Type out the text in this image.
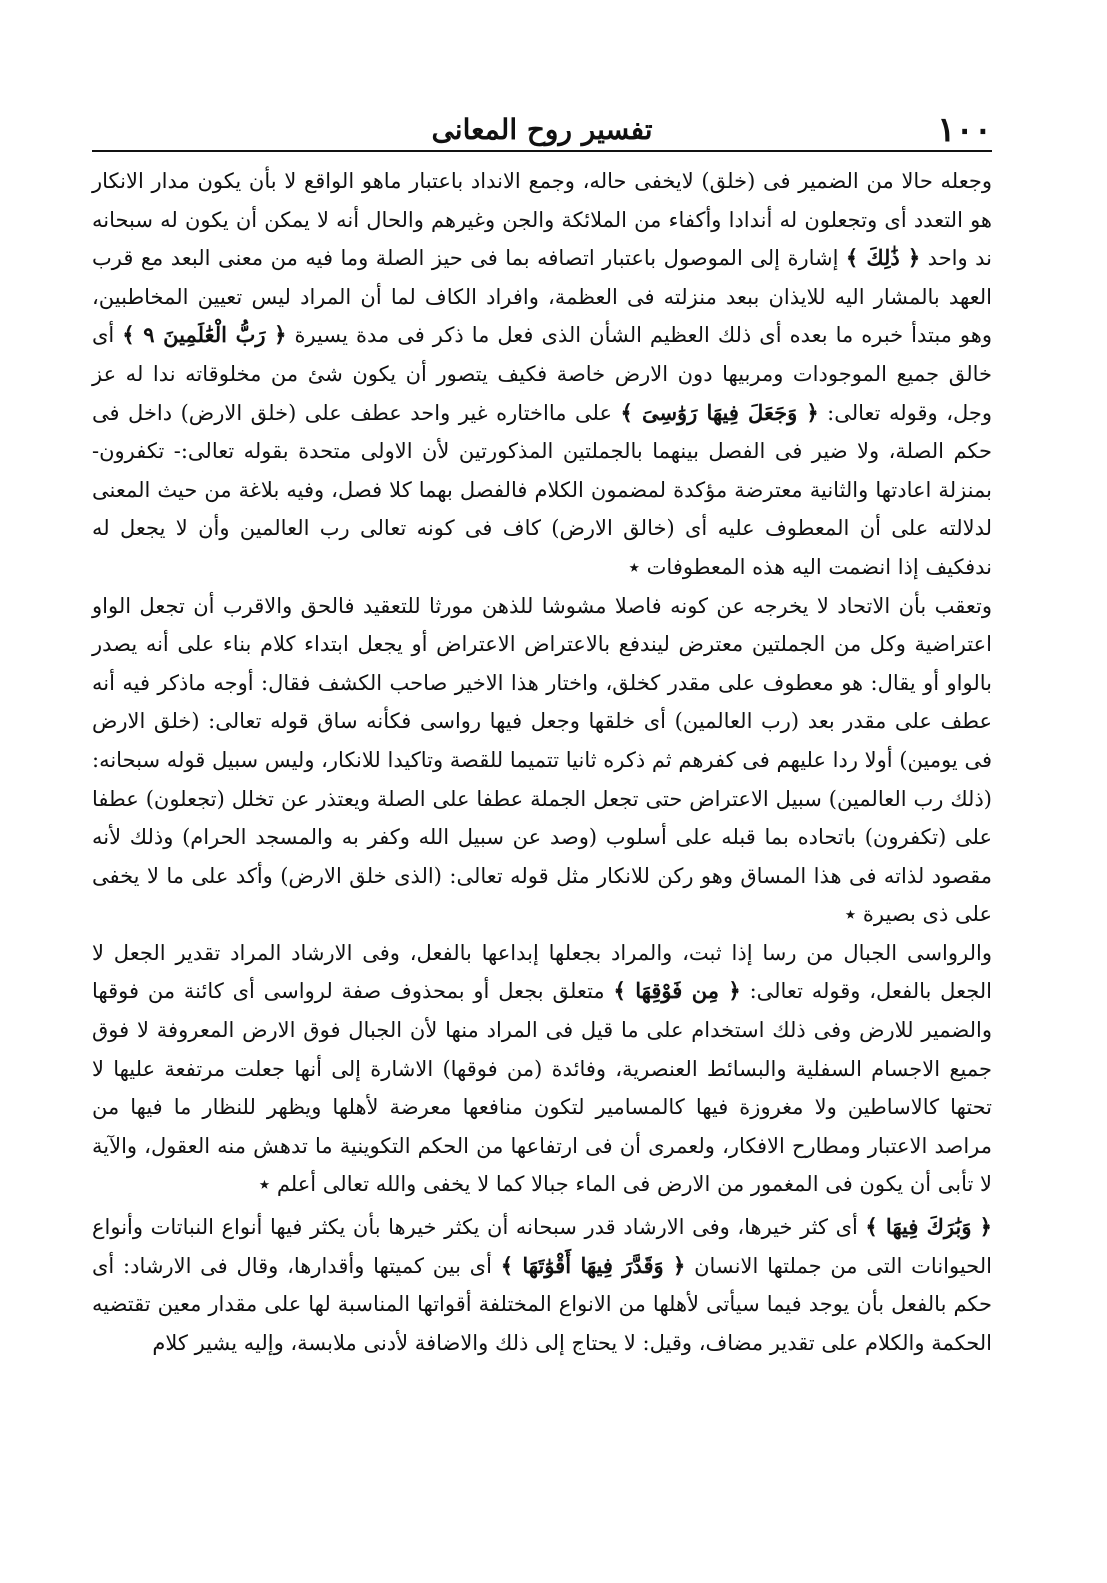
١٠٠
تفسير روح المعانى

وجعله حالا من الضمير فى (خلق) لايخفى حاله، وجمع الانداد باعتبار ماهو الواقع لا بأن يكون مدار الانكار هو التعدد أى وتجعلون له أندادا وأكفاء من الملائكة والجن وغيرهم والحال أنه لا يمكن أن يكون له سبحانه ند واحد ﴿ ذَٰلِكَ ﴾ إشارة إلى الموصول باعتبار اتصافه بما فى حيز الصلة وما فيه من معنى البعد مع قرب العهد بالمشار اليه للايذان ببعد منزلته فى العظمة، وافراد الكاف لما أن المراد ليس تعيين المخاطبين، وهو مبتدأ خبره ما بعده أى ذلك العظيم الشأن الذى فعل ما ذكر فى مدة يسيرة ﴿ رَبُّ الْعَٰلَمِينَ ٩ ﴾ أى خالق جميع الموجودات ومربيها دون الارض خاصة فكيف يتصور أن يكون شئ من مخلوقاته ندا له عز وجل، وقوله تعالى: ﴿ وَجَعَلَ فِيهَا رَوَٰسِىَ ﴾ على مااختاره غير واحد عطف على (خلق الارض) داخل فى حكم الصلة، ولا ضير فى الفصل بينهما بالجملتين المذكورتين لأن الاولى متحدة بقوله تعالى:- تكفرون- بمنزلة اعادتها والثانية معترضة مؤكدة لمضمون الكلام فالفصل بهما كلا فصل، وفيه بلاغة من حيث المعنى لدلالته على أن المعطوف عليه أى (خالق الارض) كاف فى كونه تعالى رب العالمين وأن لا يجعل له ندفكيف إذا انضمت اليه هذه المعطوفات ٭

وتعقب بأن الاتحاد لا يخرجه عن كونه فاصلا مشوشا للذهن مورثا للتعقيد فالحق والاقرب أن تجعل الواو اعتراضية وكل من الجملتين معترض ليندفع بالاعتراض الاعتراض أو يجعل ابتداء كلام بناء على أنه يصدر بالواو أو يقال: هو معطوف على مقدر كخلق، واختار هذا الاخير صاحب الكشف فقال: أوجه ماذكر فيه أنه عطف على مقدر بعد (رب العالمين) أى خلقها وجعل فيها رواسى فكأنه ساق قوله تعالى: (خلق الارض فى يومين) أولا ردا عليهم فى كفرهم ثم ذكره ثانيا تتميما للقصة وتاكيدا للانكار، وليس سبيل قوله سبحانه: (ذلك رب العالمين) سبيل الاعتراض حتى تجعل الجملة عطفا على الصلة ويعتذر عن تخلل (تجعلون) عطفا على (تكفرون) باتحاده بما قبله على أسلوب (وصد عن سبيل الله وكفر به والمسجد الحرام) وذلك لأنه مقصود لذاته فى هذا المساق وهو ركن للانكار مثل قوله تعالى: (الذى خلق الارض) وأكد على ما لا يخفى على ذى بصيرة ٭

والرواسى الجبال من رسا إذا ثبت، والمراد بجعلها إبداعها بالفعل، وفى الارشاد المراد تقدير الجعل لا الجعل بالفعل، وقوله تعالى: ﴿ مِن فَوْقِهَا ﴾ متعلق بجعل أو بمحذوف صفة لرواسى أى كائنة من فوقها والضمير للارض وفى ذلك استخدام على ما قيل فى المراد منها لأن الجبال فوق الارض المعروفة لا فوق جميع الاجسام السفلية والبسائط العنصرية، وفائدة (من فوقها) الاشارة إلى أنها جعلت مرتفعة عليها لا تحتها كالاساطين ولا مغروزة فيها كالمسامير لتكون منافعها معرضة لأهلها ويظهر للنظار ما فيها من مراصد الاعتبار ومطارح الافكار، ولعمرى أن فى ارتفاعها من الحكم التكوينية ما تدهش منه العقول، والآية لا تأبى أن يكون فى المغمور من الارض فى الماء جبالا كما لا يخفى والله تعالى أعلم ٭

﴿ وَبَٰرَكَ فِيهَا ﴾ أى كثر خيرها، وفى الارشاد قدر سبحانه أن يكثر خيرها بأن يكثر فيها أنواع النباتات وأنواع الحيوانات التى من جملتها الانسان ﴿ وَقَدَّرَ فِيهَا أَقْوَٰتَهَا ﴾ أى بين كميتها وأقدارها، وقال فى الارشاد: أى حكم بالفعل بأن يوجد فيما سيأتى لأهلها من الانواع المختلفة أقواتها المناسبة لها على مقدار معين تقتضيه الحكمة والكلام على تقدير مضاف، وقيل: لا يحتاج إلى ذلك والاضافة لأدنى ملابسة، وإليه يشير كلام
